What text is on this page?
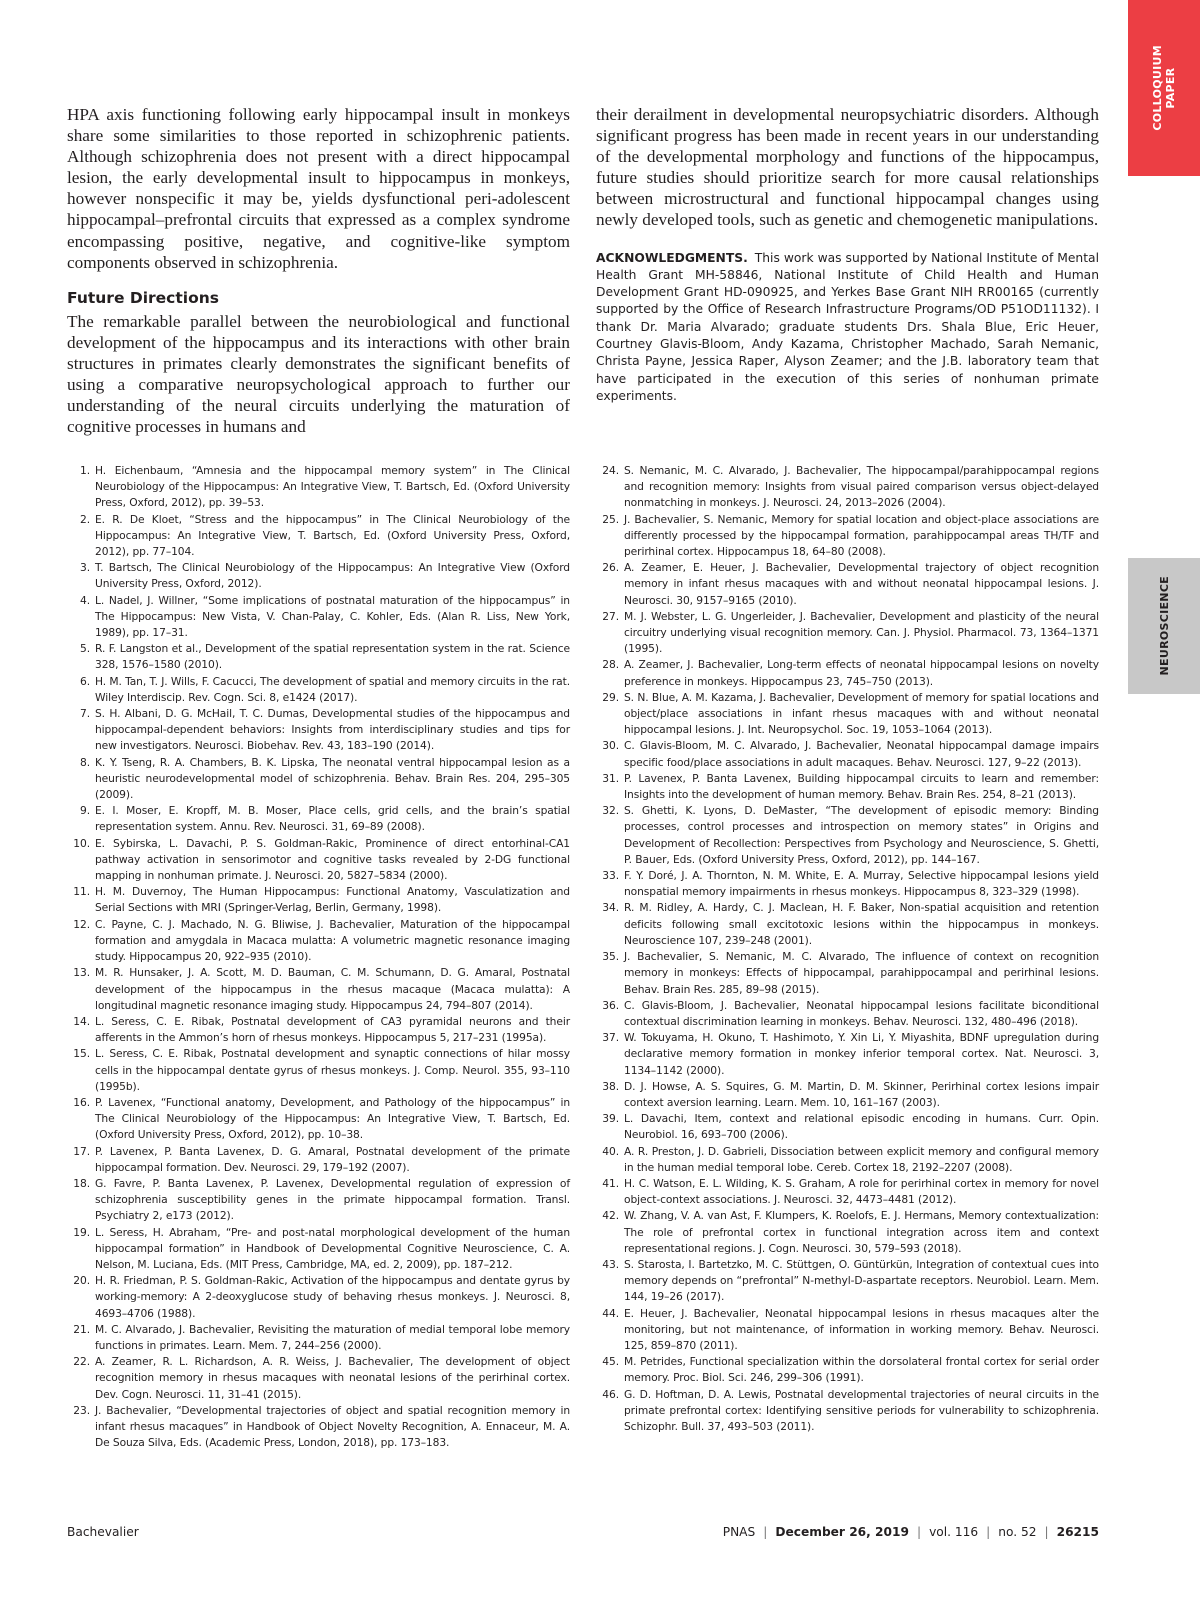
COLLOQUIUM
PAPER
NEUROSCIENCE

HPA axis functioning following early hippocampal insult in monkeys share some similarities to those reported in schizophrenic patients. Although schizophrenia does not present with a direct hippocampal lesion, the early developmental insult to hippocampus in monkeys, however nonspecific it may be, yields dysfunctional peri-adolescent hippocampal–prefrontal circuits that expressed as a complex syndrome encompassing positive, negative, and cognitive-like symptom components observed in schizophrenia.

Future Directions

The remarkable parallel between the neurobiological and functional development of the hippocampus and its interactions with other brain structures in primates clearly demonstrates the significant benefits of using a comparative neuropsychological approach to further our understanding of the neural circuits underlying the maturation of cognitive processes in humans and

their derailment in developmental neuropsychiatric disorders. Although significant progress has been made in recent years in our understanding of the developmental morphology and functions of the hippocampus, future studies should prioritize search for more causal relationships between microstructural and functional hippocampal changes using newly developed tools, such as genetic and chemogenetic manipulations.

ACKNOWLEDGMENTS. This work was supported by National Institute of Mental Health Grant MH-58846, National Institute of Child Health and Human Development Grant HD-090925, and Yerkes Base Grant NIH RR00165 (currently supported by the Office of Research Infrastructure Programs/OD P51OD11132). I thank Dr. Maria Alvarado; graduate students Drs. Shala Blue, Eric Heuer, Courtney Glavis-Bloom, Andy Kazama, Christopher Machado, Sarah Nemanic, Christa Payne, Jessica Raper, Alyson Zeamer; and the J.B. laboratory team that have participated in the execution of this series of nonhuman primate experiments.

1. H. Eichenbaum, “Amnesia and the hippocampal memory system” in The Clinical Neurobiology of the Hippocampus: An Integrative View, T. Bartsch, Ed. (Oxford University Press, Oxford, 2012), pp. 39–53.
2. E. R. De Kloet, “Stress and the hippocampus” in The Clinical Neurobiology of the Hippocampus: An Integrative View, T. Bartsch, Ed. (Oxford University Press, Oxford, 2012), pp. 77–104.
3. T. Bartsch, The Clinical Neurobiology of the Hippocampus: An Integrative View (Oxford University Press, Oxford, 2012).
4. L. Nadel, J. Willner, “Some implications of postnatal maturation of the hippocampus” in The Hippocampus: New Vista, V. Chan-Palay, C. Kohler, Eds. (Alan R. Liss, New York, 1989), pp. 17–31.
5. R. F. Langston et al., Development of the spatial representation system in the rat. Science 328, 1576–1580 (2010).
6. H. M. Tan, T. J. Wills, F. Cacucci, The development of spatial and memory circuits in the rat. Wiley Interdiscip. Rev. Cogn. Sci. 8, e1424 (2017).
7. S. H. Albani, D. G. McHail, T. C. Dumas, Developmental studies of the hippocampus and hippocampal-dependent behaviors: Insights from interdisciplinary studies and tips for new investigators. Neurosci. Biobehav. Rev. 43, 183–190 (2014).
8. K. Y. Tseng, R. A. Chambers, B. K. Lipska, The neonatal ventral hippocampal lesion as a heuristic neurodevelopmental model of schizophrenia. Behav. Brain Res. 204, 295–305 (2009).
9. E. I. Moser, E. Kropff, M. B. Moser, Place cells, grid cells, and the brain’s spatial representation system. Annu. Rev. Neurosci. 31, 69–89 (2008).
10. E. Sybirska, L. Davachi, P. S. Goldman-Rakic, Prominence of direct entorhinal-CA1 pathway activation in sensorimotor and cognitive tasks revealed by 2-DG functional mapping in nonhuman primate. J. Neurosci. 20, 5827–5834 (2000).
11. H. M. Duvernoy, The Human Hippocampus: Functional Anatomy, Vasculatization and Serial Sections with MRI (Springer-Verlag, Berlin, Germany, 1998).
12. C. Payne, C. J. Machado, N. G. Bliwise, J. Bachevalier, Maturation of the hippocampal formation and amygdala in Macaca mulatta: A volumetric magnetic resonance imaging study. Hippocampus 20, 922–935 (2010).
13. M. R. Hunsaker, J. A. Scott, M. D. Bauman, C. M. Schumann, D. G. Amaral, Postnatal development of the hippocampus in the rhesus macaque (Macaca mulatta): A longitudinal magnetic resonance imaging study. Hippocampus 24, 794–807 (2014).
14. L. Seress, C. E. Ribak, Postnatal development of CA3 pyramidal neurons and their afferents in the Ammon’s horn of rhesus monkeys. Hippocampus 5, 217–231 (1995a).
15. L. Seress, C. E. Ribak, Postnatal development and synaptic connections of hilar mossy cells in the hippocampal dentate gyrus of rhesus monkeys. J. Comp. Neurol. 355, 93–110 (1995b).
16. P. Lavenex, “Functional anatomy, Development, and Pathology of the hippocampus” in The Clinical Neurobiology of the Hippocampus: An Integrative View, T. Bartsch, Ed. (Oxford University Press, Oxford, 2012), pp. 10–38.
17. P. Lavenex, P. Banta Lavenex, D. G. Amaral, Postnatal development of the primate hippocampal formation. Dev. Neurosci. 29, 179–192 (2007).
18. G. Favre, P. Banta Lavenex, P. Lavenex, Developmental regulation of expression of schizophrenia susceptibility genes in the primate hippocampal formation. Transl. Psychiatry 2, e173 (2012).
19. L. Seress, H. Abraham, “Pre- and post-natal morphological development of the human hippocampal formation” in Handbook of Developmental Cognitive Neuroscience, C. A. Nelson, M. Luciana, Eds. (MIT Press, Cambridge, MA, ed. 2, 2009), pp. 187–212.
20. H. R. Friedman, P. S. Goldman-Rakic, Activation of the hippocampus and dentate gyrus by working-memory: A 2-deoxyglucose study of behaving rhesus monkeys. J. Neurosci. 8, 4693–4706 (1988).
21. M. C. Alvarado, J. Bachevalier, Revisiting the maturation of medial temporal lobe memory functions in primates. Learn. Mem. 7, 244–256 (2000).
22. A. Zeamer, R. L. Richardson, A. R. Weiss, J. Bachevalier, The development of object recognition memory in rhesus macaques with neonatal lesions of the perirhinal cortex. Dev. Cogn. Neurosci. 11, 31–41 (2015).
23. J. Bachevalier, “Developmental trajectories of object and spatial recognition memory in infant rhesus macaques” in Handbook of Object Novelty Recognition, A. Ennaceur, M. A. De Souza Silva, Eds. (Academic Press, London, 2018), pp. 173–183.
24. S. Nemanic, M. C. Alvarado, J. Bachevalier, The hippocampal/parahippocampal regions and recognition memory: Insights from visual paired comparison versus object-delayed nonmatching in monkeys. J. Neurosci. 24, 2013–2026 (2004).
25. J. Bachevalier, S. Nemanic, Memory for spatial location and object-place associations are differently processed by the hippocampal formation, parahippocampal areas TH/TF and perirhinal cortex. Hippocampus 18, 64–80 (2008).
26. A. Zeamer, E. Heuer, J. Bachevalier, Developmental trajectory of object recognition memory in infant rhesus macaques with and without neonatal hippocampal lesions. J. Neurosci. 30, 9157–9165 (2010).
27. M. J. Webster, L. G. Ungerleider, J. Bachevalier, Development and plasticity of the neural circuitry underlying visual recognition memory. Can. J. Physiol. Pharmacol. 73, 1364–1371 (1995).
28. A. Zeamer, J. Bachevalier, Long-term effects of neonatal hippocampal lesions on novelty preference in monkeys. Hippocampus 23, 745–750 (2013).
29. S. N. Blue, A. M. Kazama, J. Bachevalier, Development of memory for spatial locations and object/place associations in infant rhesus macaques with and without neonatal hippocampal lesions. J. Int. Neuropsychol. Soc. 19, 1053–1064 (2013).
30. C. Glavis-Bloom, M. C. Alvarado, J. Bachevalier, Neonatal hippocampal damage impairs specific food/place associations in adult macaques. Behav. Neurosci. 127, 9–22 (2013).
31. P. Lavenex, P. Banta Lavenex, Building hippocampal circuits to learn and remember: Insights into the development of human memory. Behav. Brain Res. 254, 8–21 (2013).
32. S. Ghetti, K. Lyons, D. DeMaster, “The development of episodic memory: Binding processes, control processes and introspection on memory states” in Origins and Development of Recollection: Perspectives from Psychology and Neuroscience, S. Ghetti, P. Bauer, Eds. (Oxford University Press, Oxford, 2012), pp. 144–167.
33. F. Y. Doré, J. A. Thornton, N. M. White, E. A. Murray, Selective hippocampal lesions yield nonspatial memory impairments in rhesus monkeys. Hippocampus 8, 323–329 (1998).
34. R. M. Ridley, A. Hardy, C. J. Maclean, H. F. Baker, Non-spatial acquisition and retention deficits following small excitotoxic lesions within the hippocampus in monkeys. Neuroscience 107, 239–248 (2001).
35. J. Bachevalier, S. Nemanic, M. C. Alvarado, The influence of context on recognition memory in monkeys: Effects of hippocampal, parahippocampal and perirhinal lesions. Behav. Brain Res. 285, 89–98 (2015).
36. C. Glavis-Bloom, J. Bachevalier, Neonatal hippocampal lesions facilitate biconditional contextual discrimination learning in monkeys. Behav. Neurosci. 132, 480–496 (2018).
37. W. Tokuyama, H. Okuno, T. Hashimoto, Y. Xin Li, Y. Miyashita, BDNF upregulation during declarative memory formation in monkey inferior temporal cortex. Nat. Neurosci. 3, 1134–1142 (2000).
38. D. J. Howse, A. S. Squires, G. M. Martin, D. M. Skinner, Perirhinal cortex lesions impair context aversion learning. Learn. Mem. 10, 161–167 (2003).
39. L. Davachi, Item, context and relational episodic encoding in humans. Curr. Opin. Neurobiol. 16, 693–700 (2006).
40. A. R. Preston, J. D. Gabrieli, Dissociation between explicit memory and configural memory in the human medial temporal lobe. Cereb. Cortex 18, 2192–2207 (2008).
41. H. C. Watson, E. L. Wilding, K. S. Graham, A role for perirhinal cortex in memory for novel object-context associations. J. Neurosci. 32, 4473–4481 (2012).
42. W. Zhang, V. A. van Ast, F. Klumpers, K. Roelofs, E. J. Hermans, Memory contextualization: The role of prefrontal cortex in functional integration across item and context representational regions. J. Cogn. Neurosci. 30, 579–593 (2018).
43. S. Starosta, I. Bartetzko, M. C. Stüttgen, O. Güntürkün, Integration of contextual cues into memory depends on “prefrontal” N-methyl-D-aspartate receptors. Neurobiol. Learn. Mem. 144, 19–26 (2017).
44. E. Heuer, J. Bachevalier, Neonatal hippocampal lesions in rhesus macaques alter the monitoring, but not maintenance, of information in working memory. Behav. Neurosci. 125, 859–870 (2011).
45. M. Petrides, Functional specialization within the dorsolateral frontal cortex for serial order memory. Proc. Biol. Sci. 246, 299–306 (1991).
46. G. D. Hoftman, D. A. Lewis, Postnatal developmental trajectories of neural circuits in the primate prefrontal cortex: Identifying sensitive periods for vulnerability to schizophrenia. Schizophr. Bull. 37, 493–503 (2011).
Bachevalier	PNAS | December 26, 2019 | vol. 116 | no. 52 | 26215
